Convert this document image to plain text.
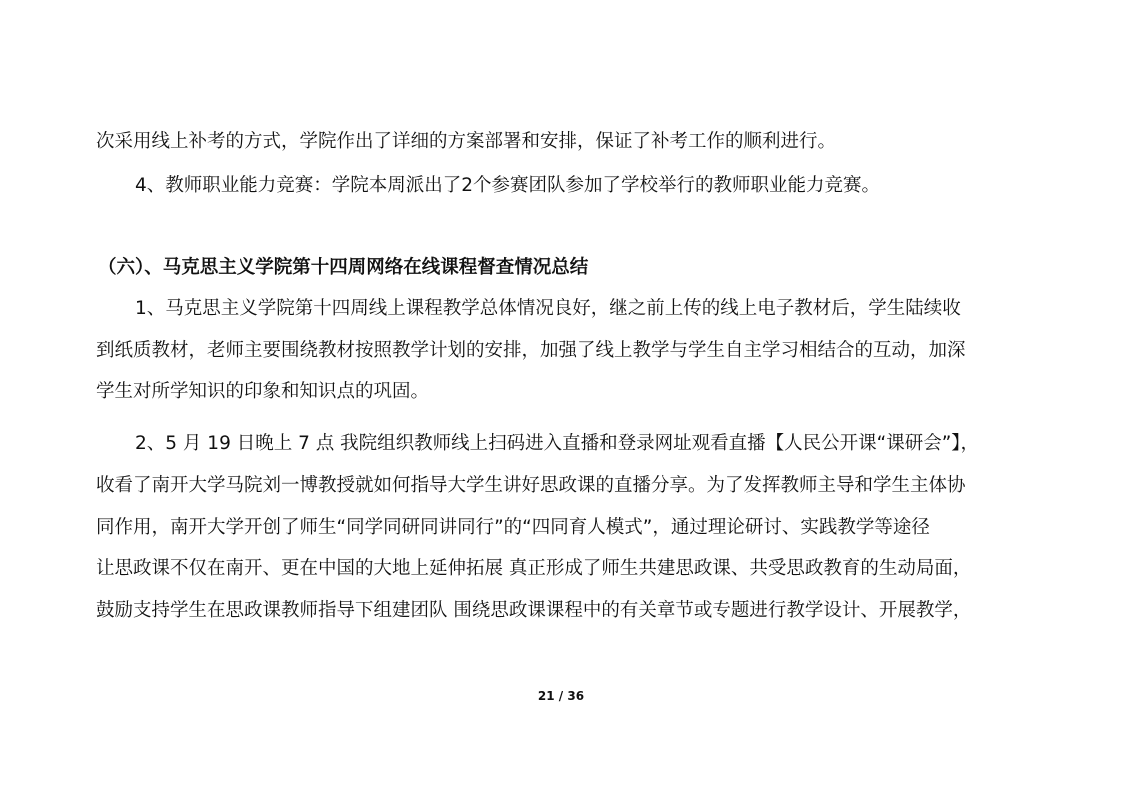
次采用线上补考的方式，学院作出了详细的方案部署和安排，保证了补考工作的顺利进行。
4、教师职业能力竞赛：学院本周派出了2个参赛团队参加了学校举行的教师职业能力竞赛。
（六）、马克思主义学院第十四周网络在线课程督查情况总结
1、马克思主义学院第十四周线上课程教学总体情况良好，继之前上传的线上电子教材后，学生陆续收
到纸质教材，老师主要围绕教材按照教学计划的安排，加强了线上教学与学生自主学习相结合的互动，加深
学生对所学知识的印象和知识点的巩固。
2、5 月 19 日晚上 7 点 我院组织教师线上扫码进入直播和登录网址观看直播【人民公开课“课研会”】，
收看了南开大学马院刘一博教授就如何指导大学生讲好思政课的直播分享。为了发挥教师主导和学生主体协
同作用，南开大学开创了师生“同学同研同讲同行”的“四同育人模式”，通过理论研讨、实践教学等途径
让思政课不仅在南开、更在中国的大地上延伸拓展 真正形成了师生共建思政课、共受思政教育的生动局面，
鼓励支持学生在思政课教师指导下组建团队 围绕思政课课程中的有关章节或专题进行教学设计、开展教学，
21 / 36
